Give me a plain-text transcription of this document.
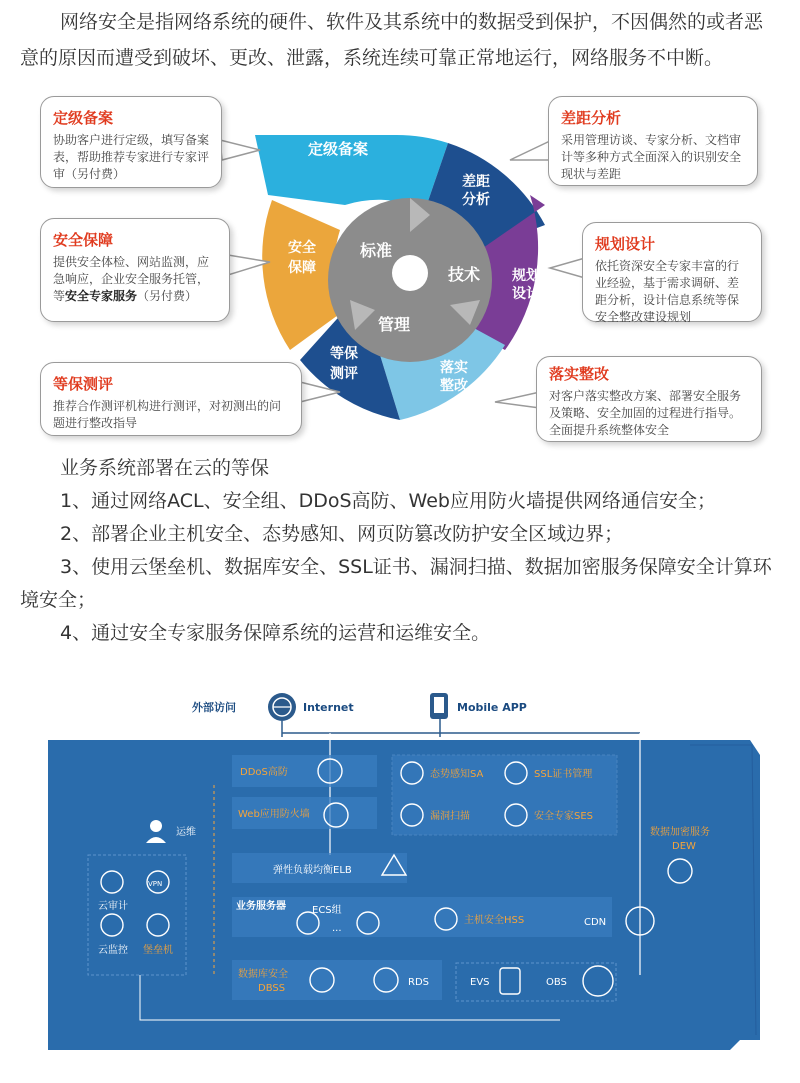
网络安全是指网络系统的硬件、软件及其系统中的数据受到保护，不因偶然的或者恶意的原因而遭受到破坏、更改、泄露，系统连续可靠正常地运行，网络服务不中断。
定级备案
差距
分析
规划
设计
落实
整改
等保
测评
安全
保障
标准
技术
管理
定级备案
协助客户进行定级，填写备案表，帮助推荐专家进行专家评审（另付费）
安全保障
提供安全体检、网站监测，应急响应，企业安全服务托管，等安全专家服务（另付费）
等保测评
推荐合作测评机构进行测评，对初测出的问题进行整改指导
差距分析
采用管理访谈、专家分析、文档审计等多种方式全面深入的识别安全现状与差距
规划设计
依托资深安全专家丰富的行业经验，基于需求调研、差距分析，设计信息系统等保安全整改建设规划
落实整改
对客户落实整改方案、部署安全服务及策略、安全加固的过程进行指导。全面提升系统整体安全
业务系统部署在云的等保
1、通过网络ACL、安全组、DDoS高防、Web应用防火墙提供网络通信安全；
2、部署企业主机安全、态势感知、网页防篡改防护安全区域边界；
3、使用云堡垒机、数据库安全、SSL证书、漏洞扫描、数据加密服务保障安全计算环境安全；
4、通过安全专家服务保障系统的运营和运维安全。
外部访问	Internet	Mobile APP
DDoS高防
Web应用防火墙
态势感知SA	SSL证书管理
漏洞扫描	安全专家SES
弹性负载均衡ELB
运维
云审计
VPN
云监控 堡垒机
业务服务器	ECS组
...
主机安全HSS	CDN
数据加密服务
DEW
数据库安全
DBSS
RDS	EVS	OBS
